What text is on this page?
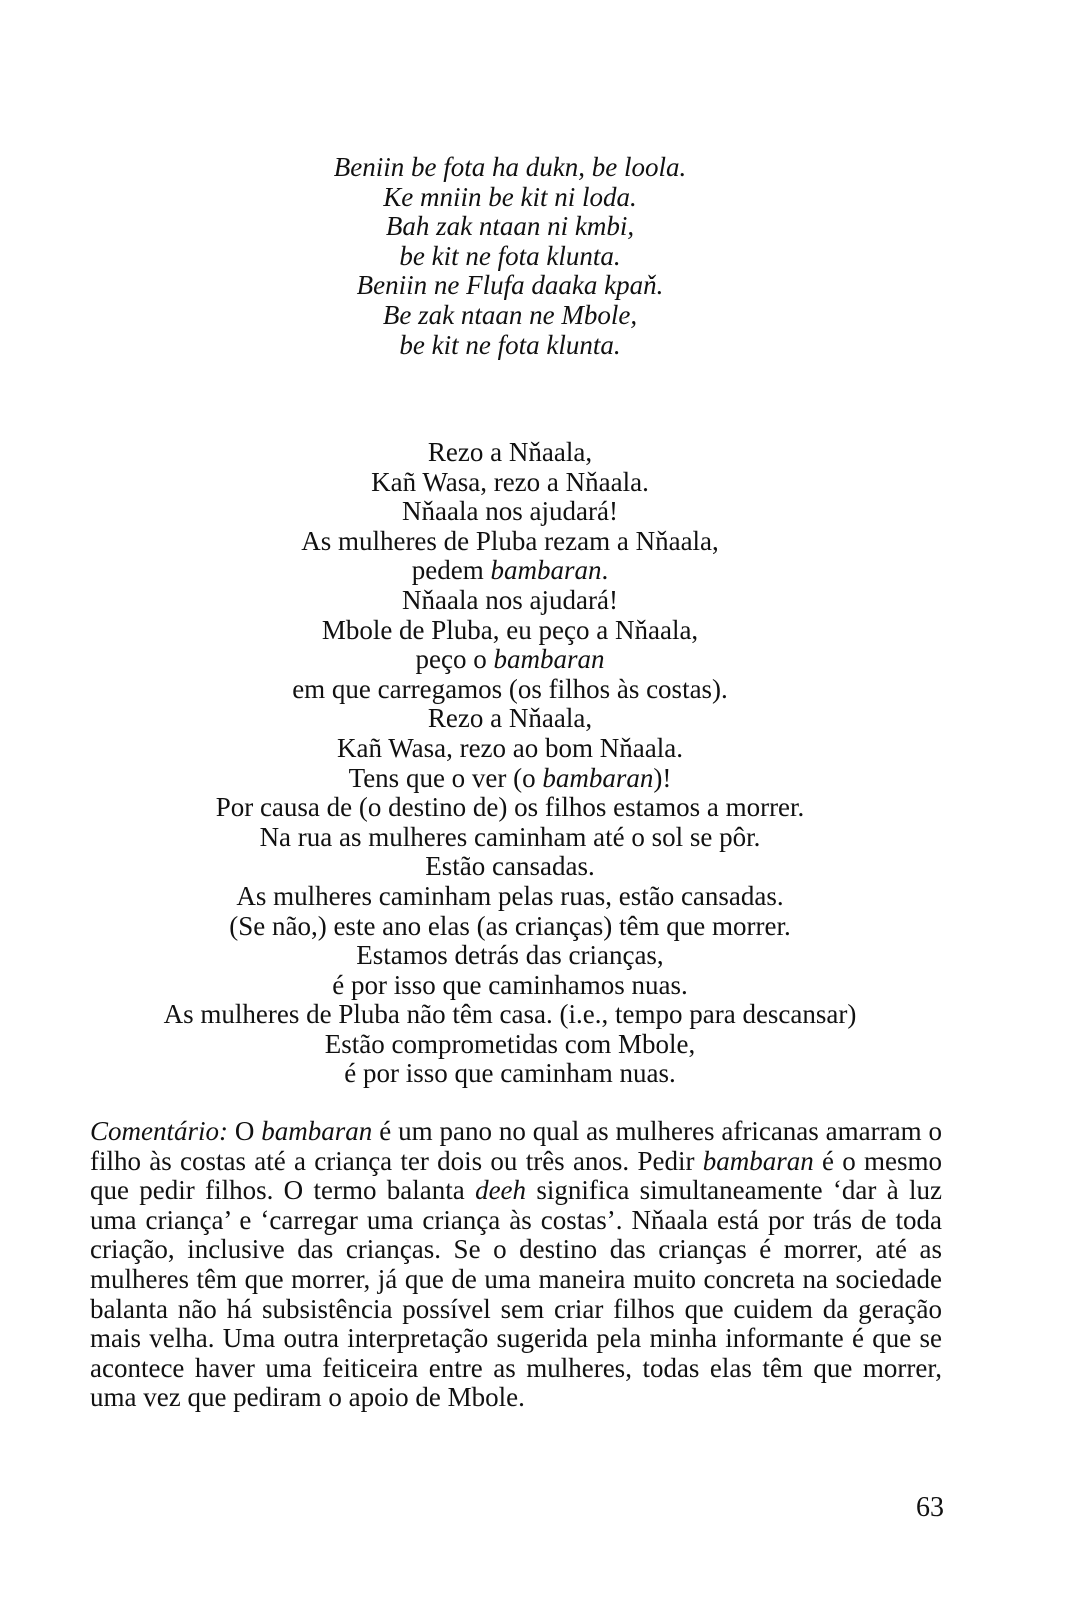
Beniin be fota ha dukn, be loola.
Ke mniin be kit ni loda.
Bah zak ntaan ni kmbi,
be kit ne fota klunta.
Beniin ne Flufa daaka kpaň.
Be zak ntaan ne Mbole,
be kit ne fota klunta.
Rezo a Nňaala,
Kañ Wasa, rezo a Nňaala.
Nňaala nos ajudará!
As mulheres de Pluba rezam a Nňaala,
pedem bambaran.
Nňaala nos ajudará!
Mbole de Pluba, eu peço a Nňaala,
peço o bambaran
em que carregamos (os filhos às costas).
Rezo a Nňaala,
Kañ Wasa, rezo ao bom Nňaala.
Tens que o ver (o bambaran)!
Por causa de (o destino de) os filhos estamos a morrer.
Na rua as mulheres caminham até o sol se pôr.
Estão cansadas.
As mulheres caminham pelas ruas, estão cansadas.
(Se não,) este ano elas (as crianças) têm que morrer.
Estamos detrás das crianças,
é por isso que caminhamos nuas.
As mulheres de Pluba não têm casa. (i.e., tempo para descansar)
Estão comprometidas com Mbole,
é por isso que caminham nuas.

Comentário: O bambaran é um pano no qual as mulheres africanas amarram o filho às costas até a criança ter dois ou três anos. Pedir bambaran é o mesmo que pedir filhos. O termo balanta deeh significa simultaneamente ‘dar à luz uma criança’ e ‘carregar uma criança às costas’. Nňaala está por trás de toda criação, inclusive das crianças. Se o destino das crianças é morrer, até as mulheres têm que morrer, já que de uma maneira muito concreta na sociedade balanta não há subsistência possível sem criar filhos que cuidem da geração mais velha. Uma outra interpretação sugerida pela minha informante é que se acontece haver uma feiticeira entre as mulheres, todas elas têm que morrer, uma vez que pediram o apoio de Mbole.

63
